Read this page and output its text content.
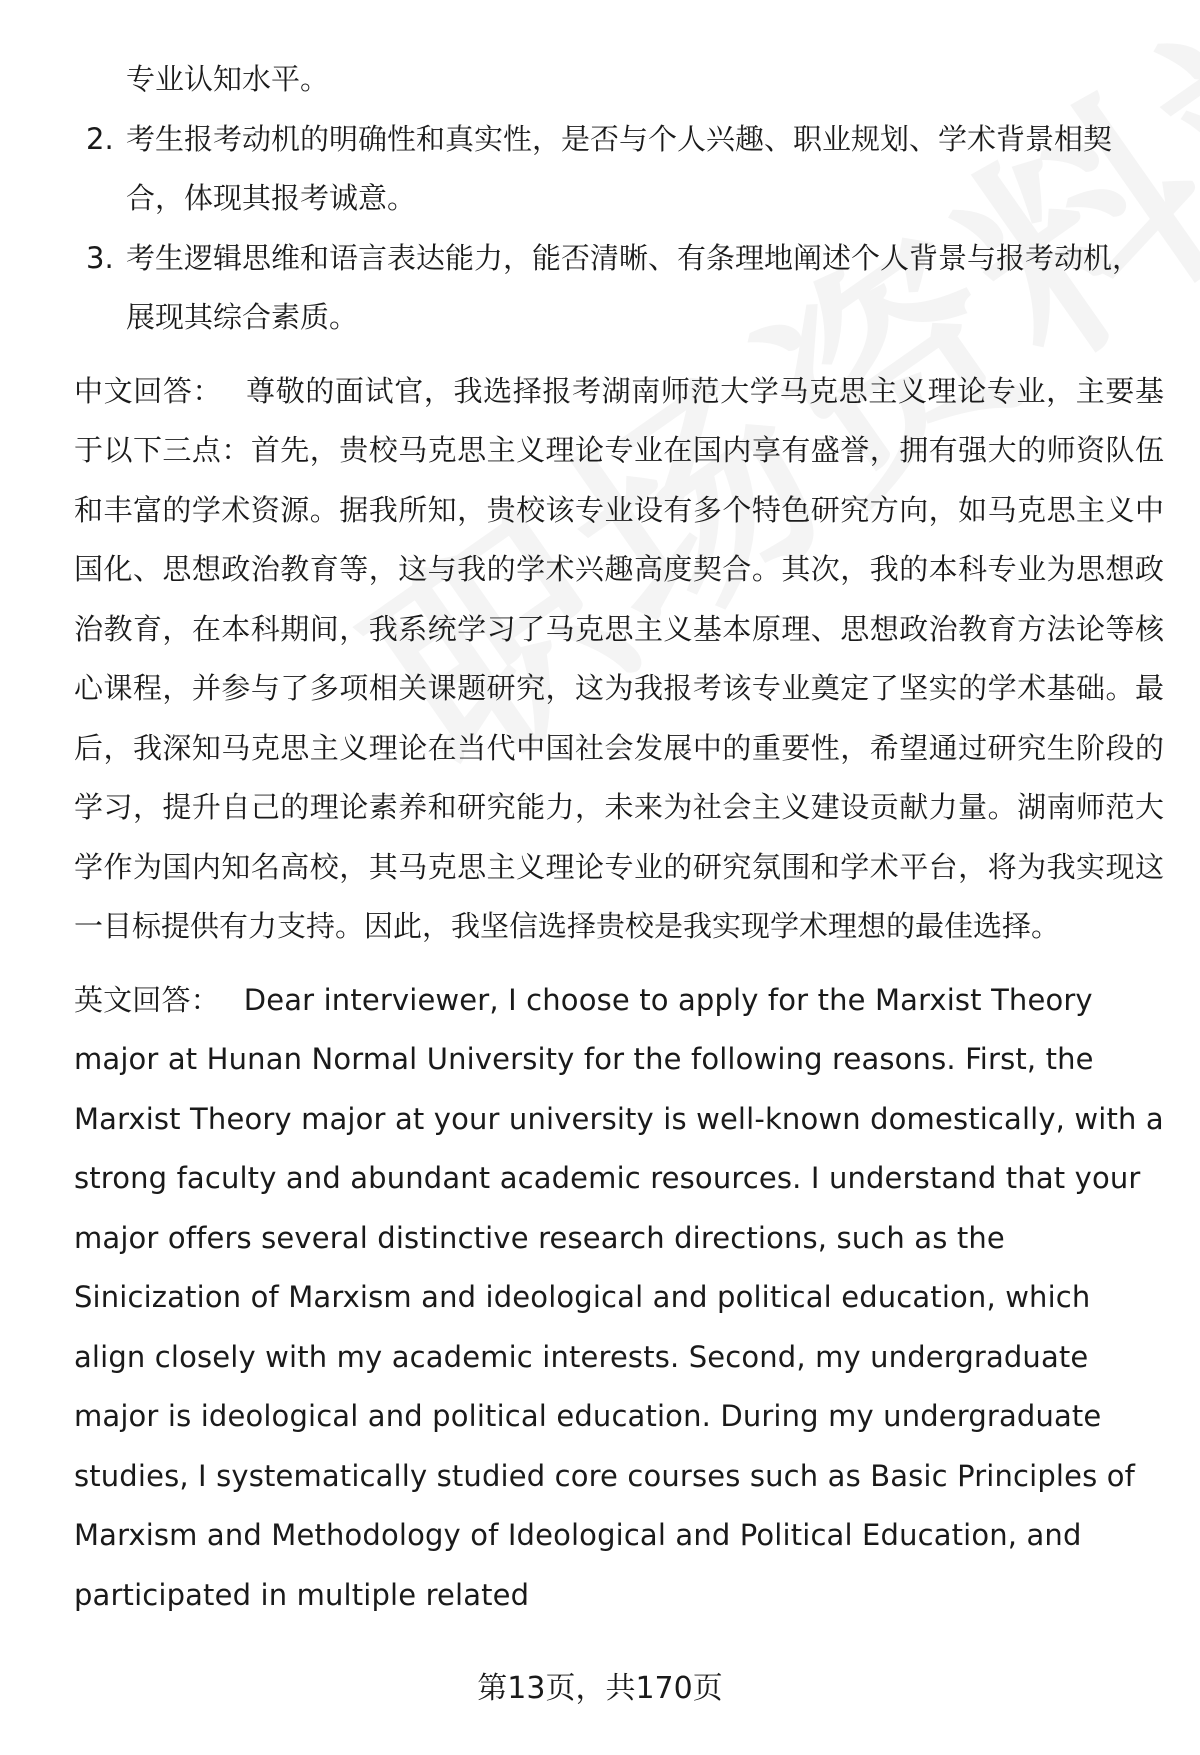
专业认知水平。

2. 考生报考动机的明确性和真实性，是否与个人兴趣、职业规划、学术背景相契合，体现其报考诚意。
3. 考生逻辑思维和语言表达能力，能否清晰、有条理地阐述个人背景与报考动机，展现其综合素质。

中文回答： 尊敬的面试官，我选择报考湖南师范大学马克思主义理论专业，主要基于以下三点：首先，贵校马克思主义理论专业在国内享有盛誉，拥有强大的师资队伍和丰富的学术资源。据我所知，贵校该专业设有多个特色研究方向，如马克思主义中国化、思想政治教育等，这与我的学术兴趣高度契合。其次，我的本科专业为思想政治教育，在本科期间，我系统学习了马克思主义基本原理、思想政治教育方法论等核心课程，并参与了多项相关课题研究，这为我报考该专业奠定了坚实的学术基础。最后，我深知马克思主义理论在当代中国社会发展中的重要性，希望通过研究生阶段的学习，提升自己的理论素养和研究能力，未来为社会主义建设贡献力量。湖南师范大学作为国内知名高校，其马克思主义理论专业的研究氛围和学术平台，将为我实现这一目标提供有力支持。因此，我坚信选择贵校是我实现学术理想的最佳选择。

英文回答： Dear interviewer, I choose to apply for the Marxist Theory major at Hunan Normal University for the following reasons. First, the Marxist Theory major at your university is well-known domestically, with a strong faculty and abundant academic resources. I understand that your major offers several distinctive research directions, such as the Sinicization of Marxism and ideological and political education, which align closely with my academic interests. Second, my undergraduate major is ideological and political education. During my undergraduate studies, I systematically studied core courses such as Basic Principles of Marxism and Methodology of Ideological and Political Education, and participated in multiple related

第13页，共170页
